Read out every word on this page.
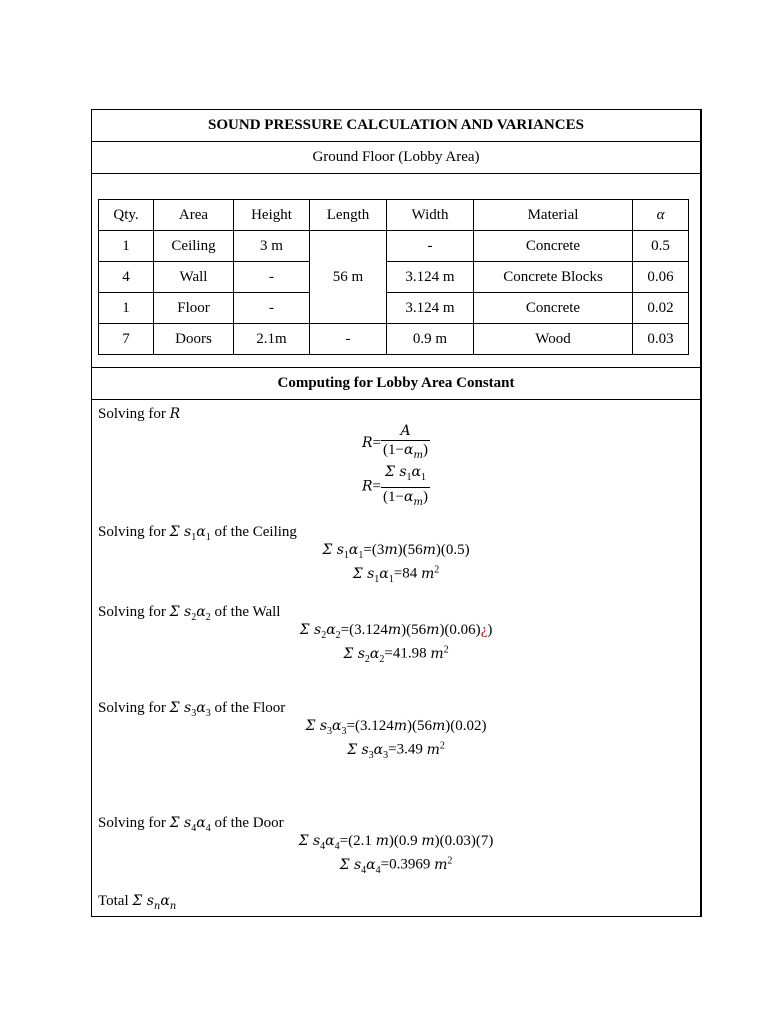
SOUND PRESSURE CALCULATION AND VARIANCES
Ground Floor (Lobby Area)
Qty.	Area	Height	Length	Width	Material	α
1	Ceiling	3 m	56 m	-	Concrete	0.5
4	Wall	-		3.124 m	Concrete Blocks	0.06
1	Floor	-		3.124 m	Concrete	0.02
7	Doors	2.1m	-	0.9 m	Wood	0.03
Computing for Lobby Area Constant
Solving for R
$R= \frac{A}{(1-\alpha_m)}$
$R= \frac{\Sigma s_1\alpha_1}{(1-\alpha_m)}$
Solving for Σ $s_1\alpha_1$ of the Ceiling
Σ $s_1\alpha_1=(3m)(56m)(0.5)$
Σ $s_1\alpha_1=84$ $m^2$
Solving for Σ $s_2\alpha_2$ of the Wall
Σ $s_2\alpha_2=(3.124m)(56m)(0.06)¿$)
Σ $s_2\alpha_2=41.98$ $m^2$
Solving for Σ $s_3\alpha_3$ of the Floor
Σ $s_3\alpha_3=(3.124m)(56m)(0.02)$
Σ $s_3\alpha_3=3.49$ $m^2$
Solving for Σ $s_4\alpha_4$ of the Door
Σ $s_4\alpha_4=(2.1$ m)(0.9 m)(0.03)(7)
Σ $s_4\alpha_4=0.3969$ $m^2$
Total Σ $s_n\alpha_n$
